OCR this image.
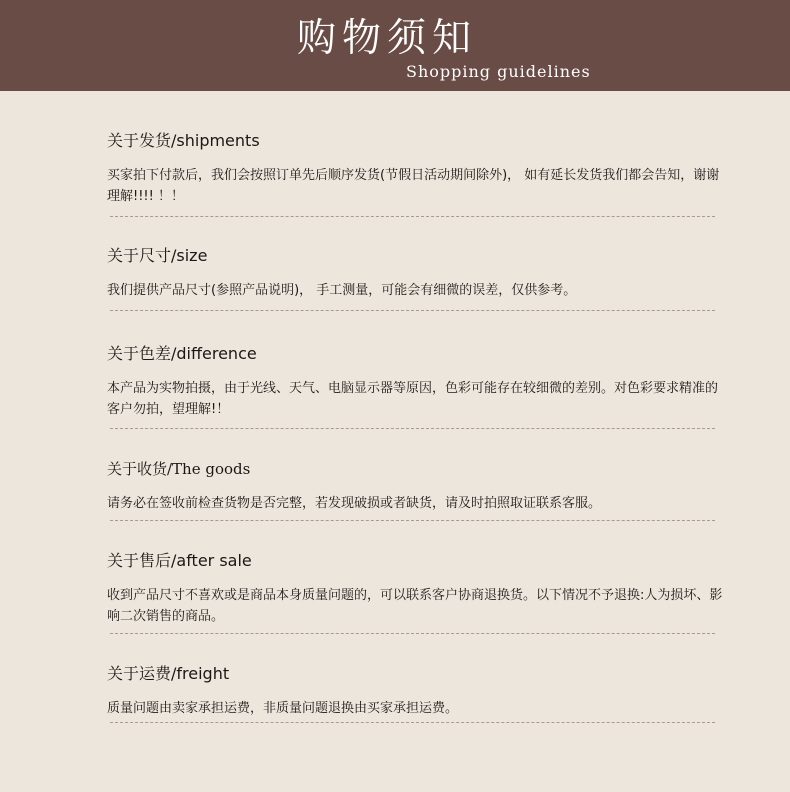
购物须知
Shopping guidelines
关于发货/shipments
买家拍下付款后，我们会按照订单先后顺序发货(节假日活动期间除外)， 如有延长发货我们都会告知，谢谢理解!!!! ！！
关于尺寸/size
我们提供产品尺寸(参照产品说明)， 手工测量，可能会有细微的误差，仅供参考。
关于色差/difference
本产品为实物拍摄，由于光线、天气、电脑显示器等原因，色彩可能存在较细微的差别。对色彩要求精准的客户勿拍，望理解!！
关于收货/The goods
请务必在签收前检查货物是否完整，若发现破损或者缺货，请及时拍照取证联系客服。
关于售后/after sale
收到产品尺寸不喜欢或是商品本身质量问题的，可以联系客户协商退换货。以下情况不予退换:人为损坏、影响二次销售的商品。
关于运费/freight
质量问题由卖家承担运费，非质量问题退换由买家承担运费。
